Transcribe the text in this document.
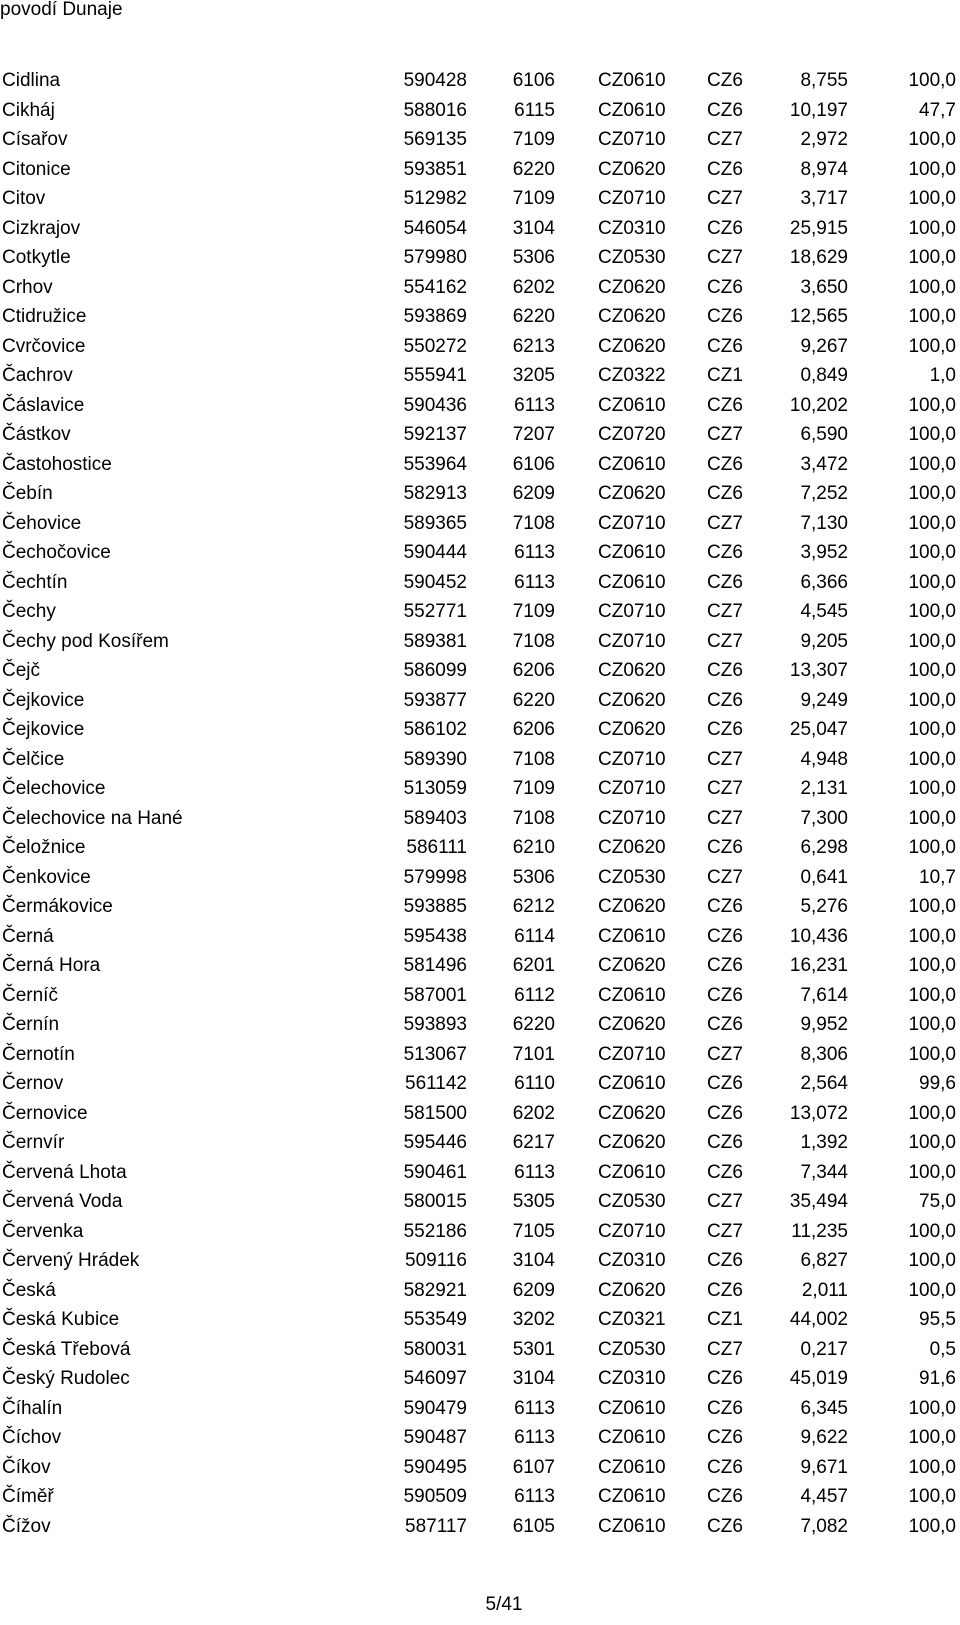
povodí Dunaje
Cidlina	590428 6106 CZ0610 CZ6	8,755	100,0
Cikháj	588016 6115 CZ0610 CZ6 10,197	47,7
Císařov	569135 7109 CZ0710 CZ7	2,972	100,0
Citonice	593851 6220 CZ0620 CZ6	8,974	100,0
Citov	512982 7109 CZ0710 CZ7	3,717	100,0
Cizkrajov	546054 3104 CZ0310 CZ6 25,915	100,0
Cotkytle	579980 5306 CZ0530 CZ7 18,629	100,0
Crhov	554162 6202 CZ0620 CZ6	3,650	100,0
Ctidružice	593869 6220 CZ0620 CZ6 12,565	100,0
Cvrčovice	550272 6213 CZ0620 CZ6	9,267	100,0
Čachrov	555941 3205 CZ0322 CZ1	0,849	1,0
Čáslavice	590436 6113 CZ0610 CZ6 10,202	100,0
Částkov	592137 7207 CZ0720 CZ7	6,590	100,0
Častohostice	553964 6106 CZ0610 CZ6	3,472	100,0
Čebín	582913 6209 CZ0620 CZ6	7,252	100,0
Čehovice	589365 7108 CZ0710 CZ7	7,130	100,0
Čechočovice	590444 6113 CZ0610 CZ6	3,952	100,0
Čechtín	590452 6113 CZ0610 CZ6	6,366	100,0
Čechy	552771 7109 CZ0710 CZ7	4,545	100,0
Čechy pod Kosířem	589381 7108 CZ0710 CZ7	9,205	100,0
Čejč	586099 6206 CZ0620 CZ6 13,307	100,0
Čejkovice	593877 6220 CZ0620 CZ6	9,249	100,0
Čejkovice	586102 6206 CZ0620 CZ6 25,047	100,0
Čelčice	589390 7108 CZ0710 CZ7	4,948	100,0
Čelechovice	513059 7109 CZ0710 CZ7	2,131	100,0
Čelechovice na Hané	589403 7108 CZ0710 CZ7	7,300	100,0
Čeložnice	586111 6210 CZ0620 CZ6	6,298	100,0
Čenkovice	579998 5306 CZ0530 CZ7	0,641	10,7
Čermákovice	593885 6212 CZ0620 CZ6	5,276	100,0
Černá	595438 6114 CZ0610 CZ6 10,436	100,0
Černá Hora	581496 6201 CZ0620 CZ6 16,231	100,0
Černíč	587001 6112 CZ0610 CZ6	7,614	100,0
Černín	593893 6220 CZ0620 CZ6	9,952	100,0
Černotín	513067 7101 CZ0710 CZ7	8,306	100,0
Černov	561142 6110 CZ0610 CZ6	2,564	99,6
Černovice	581500 6202 CZ0620 CZ6 13,072	100,0
Černvír	595446 6217 CZ0620 CZ6	1,392	100,0
Červená Lhota	590461 6113 CZ0610 CZ6	7,344	100,0
Červená Voda	580015 5305 CZ0530 CZ7 35,494	75,0
Červenka	552186 7105 CZ0710 CZ7	11,235	100,0
Červený Hrádek	509116 3104 CZ0310 CZ6	6,827	100,0
Česká	582921 6209 CZ0620 CZ6	2,011	100,0
Česká Kubice	553549 3202 CZ0321 CZ1 44,002	95,5
Česká Třebová	580031 5301 CZ0530 CZ7	0,217	0,5
Český Rudolec	546097 3104 CZ0310 CZ6 45,019	91,6
Číhalín	590479 6113 CZ0610 CZ6	6,345	100,0
Číchov	590487 6113 CZ0610 CZ6	9,622	100,0
Číkov	590495 6107 CZ0610 CZ6	9,671	100,0
Číměř	590509 6113 CZ0610 CZ6	4,457	100,0
Čížov	587117 6105 CZ0610 CZ6	7,082	100,0
5/41
